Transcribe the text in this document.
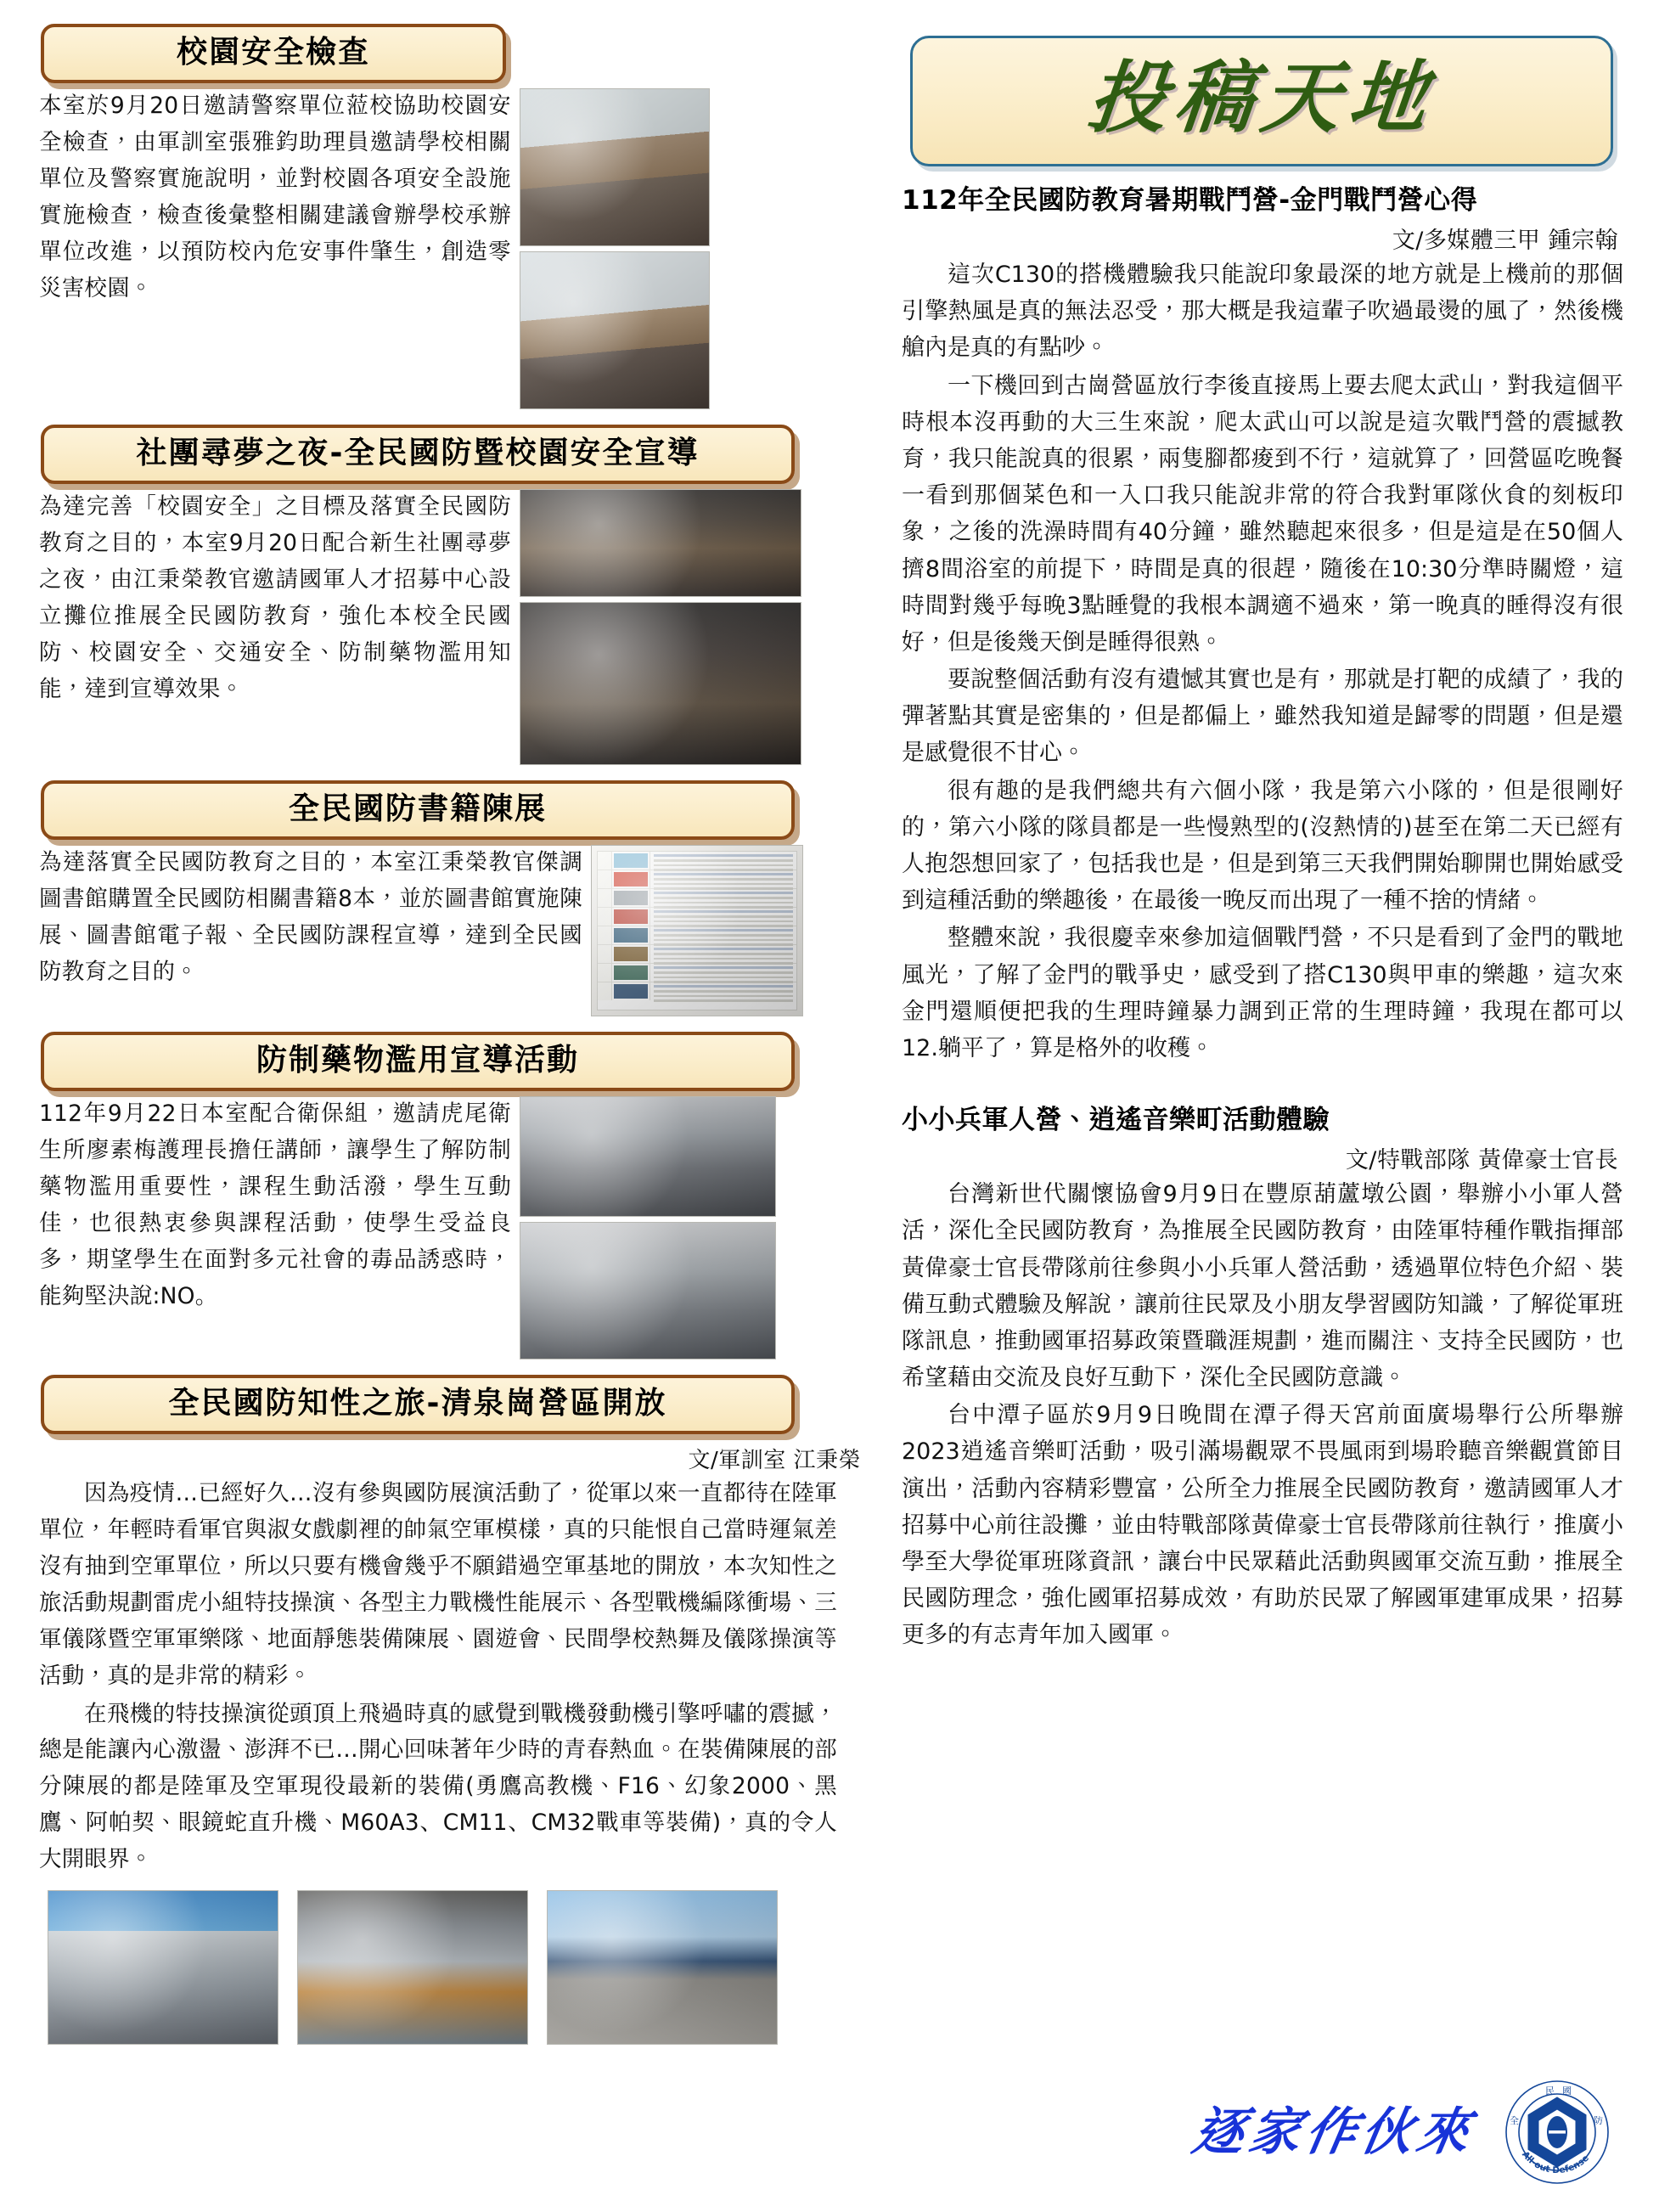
校園安全檢查
本室於9月20日邀請警察單位蒞校協助校園安全檢查，由軍訓室張雅鈞助理員邀請學校相關單位及警察實施說明，並對校園各項安全設施實施檢查，檢查後彙整相關建議會辦學校承辦單位改進，以預防校內危安事件肇生，創造零災害校園。
社團尋夢之夜-全民國防暨校園安全宣導
為達完善「校園安全」之目標及落實全民國防教育之目的，本室9月20日配合新生社團尋夢之夜，由江秉榮教官邀請國軍人才招募中心設立攤位推展全民國防教育，強化本校全民國防、校園安全、交通安全、防制藥物濫用知能，達到宣導效果。
全民國防書籍陳展
為達落實全民國防教育之目的，本室江秉榮教官傑調圖書館購置全民國防相關書籍8本，並於圖書館實施陳展、圖書館電子報、全民國防課程宣導，達到全民國防教育之目的。
防制藥物濫用宣導活動
112年9月22日本室配合衛保組，邀請虎尾衛生所廖素梅護理長擔任講師，讓學生了解防制藥物濫用重要性，課程生動活潑，學生互動佳，也很熱衷參與課程活動，使學生受益良多，期望學生在面對多元社會的毒品誘惑時，能夠堅決說:NO。
全民國防知性之旅-清泉崗營區開放
文/軍訓室 江秉榮

因為疫情…已經好久…沒有參與國防展演活動了，從軍以來一直都待在陸軍單位，年輕時看軍官與淑女戲劇裡的帥氣空軍模樣，真的只能恨自己當時運氣差沒有抽到空軍單位，所以只要有機會幾乎不願錯過空軍基地的開放，本次知性之旅活動規劃雷虎小組特技操演、各型主力戰機性能展示、各型戰機編隊衝場、三軍儀隊暨空軍軍樂隊、地面靜態裝備陳展、園遊會、民間學校熱舞及儀隊操演等活動，真的是非常的精彩。

在飛機的特技操演從頭頂上飛過時真的感覺到戰機發動機引擎呼嘯的震撼，總是能讓內心激盪、澎湃不已…開心回味著年少時的青春熱血。在裝備陳展的部分陳展的都是陸軍及空軍現役最新的裝備(勇鷹高教機、F16、幻象2000、黑鷹、阿帕契、眼鏡蛇直升機、M60A3、CM11、CM32戰車等裝備)，真的令人大開眼界。

投稿天地
112年全民國防教育暑期戰鬥營-金門戰鬥營心得
文/多媒體三甲 鍾宗翰

這次C130的搭機體驗我只能說印象最深的地方就是上機前的那個引擎熱風是真的無法忍受，那大概是我這輩子吹過最燙的風了，然後機艙內是真的有點吵。

一下機回到古崗營區放行李後直接馬上要去爬太武山，對我這個平時根本沒再動的大三生來說，爬太武山可以說是這次戰鬥營的震撼教育，我只能說真的很累，兩隻腳都痠到不行，這就算了，回營區吃晚餐一看到那個菜色和一入口我只能說非常的符合我對軍隊伙食的刻板印象，之後的洗澡時間有40分鐘，雖然聽起來很多，但是這是在50個人擠8間浴室的前提下，時間是真的很趕，隨後在10:30分準時關燈，這時間對幾乎每晚3點睡覺的我根本調適不過來，第一晚真的睡得沒有很好，但是後幾天倒是睡得很熟。

要說整個活動有沒有遺憾其實也是有，那就是打靶的成績了，我的彈著點其實是密集的，但是都偏上，雖然我知道是歸零的問題，但是還是感覺很不甘心。

很有趣的是我們總共有六個小隊，我是第六小隊的，但是很剛好的，第六小隊的隊員都是一些慢熟型的(沒熱情的)甚至在第二天已經有人抱怨想回家了，包括我也是，但是到第三天我們開始聊開也開始感受到這種活動的樂趣後，在最後一晚反而出現了一種不捨的情緒。

整體來說，我很慶幸來參加這個戰鬥營，不只是看到了金門的戰地風光，了解了金門的戰爭史，感受到了搭C130與甲車的樂趣，這次來金門還順便把我的生理時鐘暴力調到正常的生理時鐘，我現在都可以12.躺平了，算是格外的收穫。

小小兵軍人營、逍遙音樂町活動體驗
文/特戰部隊 黃偉豪士官長

台灣新世代關懷協會9月9日在豐原葫蘆墩公園，舉辦小小軍人營活，深化全民國防教育，為推展全民國防教育，由陸軍特種作戰指揮部黃偉豪士官長帶隊前往參與小小兵軍人營活動，透過單位特色介紹、裝備互動式體驗及解說，讓前往民眾及小朋友學習國防知識，了解從軍班隊訊息，推動國軍招募政策暨職涯規劃，進而關注、支持全民國防，也希望藉由交流及良好互動下，深化全民國防意識。

台中潭子區於9月9日晚間在潭子得天宮前面廣場舉行公所舉辦 2023逍遙音樂町活動，吸引滿場觀眾不畏風雨到場聆聽音樂觀賞節目演出，活動內容精彩豐富，公所全力推展全民國防教育，邀請國軍人才招募中心前往設攤，並由特戰部隊黃偉豪士官長帶隊前往執行，推廣小學至大學從軍班隊資訊，讓台中民眾藉此活動與國軍交流互動，推展全民國防理念，強化國軍招募成效，有助於民眾了解國軍建軍成果，招募更多的有志青年加入國軍。

逐家作伙來
民 國
全	防
All-out Defense
